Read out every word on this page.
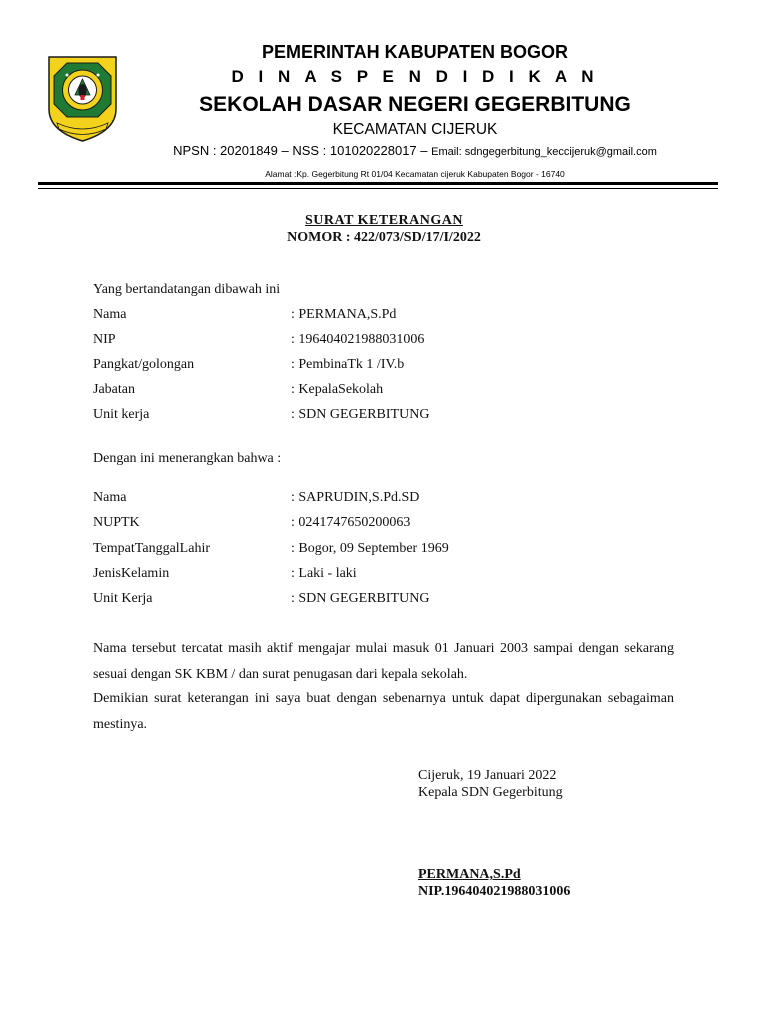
PEMERINTAH KABUPATEN BOGOR

D I N A S P E N D I D I K A N

SEKOLAH DASAR NEGERI GEGERBITUNG

KECAMATAN CIJERUK

NPSN : 20201849 – NSS : 101020228017 – Email: sdngegerbitung_keccijeruk@gmail.com

Alamat :Kp. Gegerbitung Rt 01/04 Kecamatan cijeruk Kabupaten Bogor - 16740

SURAT KETERANGAN
NOMOR : 422/073/SD/17/I/2022
Yang bertandatangan dibawah ini
Nama	: PERMANA,S.Pd
NIP	: 196404021988031006
Pangkat/golongan	: PembinaTk 1 /IV.b
Jabatan	: KepalaSekolah
Unit kerja	: SDN GEGERBITUNG
Dengan ini menerangkan bahwa :
Nama	: SAPRUDIN,S.Pd.SD
NUPTK	: 0241747650200063
TempatTanggalLahir	: Bogor, 09 September 1969
JenisKelamin	: Laki - laki
Unit Kerja	: SDN GEGERBITUNG
Nama tersebut tercatat masih aktif mengajar mulai masuk 01 Januari 2003 sampai dengan sekarang sesuai dengan SK KBM / dan surat penugasan dari kepala sekolah.
Demikian surat keterangan ini saya buat dengan sebenarnya untuk dapat dipergunakan sebagaiman mestinya.
Cijeruk, 19 Januari 2022
Kepala SDN Gegerbitung
PERMANA,S.Pd
NIP.196404021988031006
